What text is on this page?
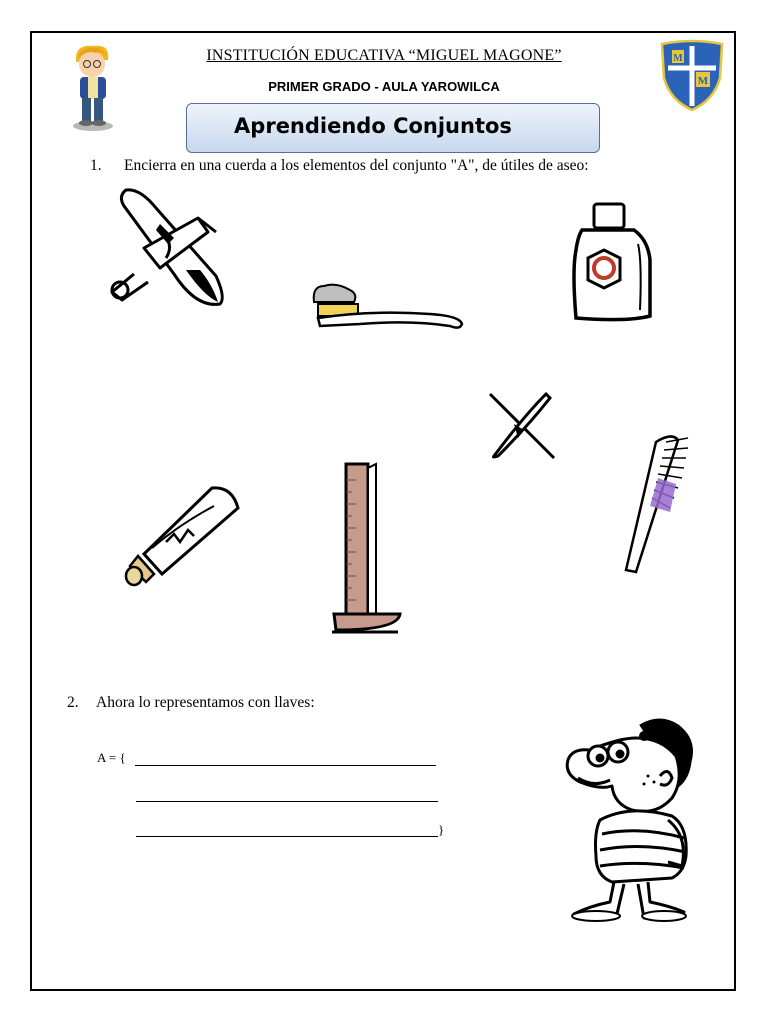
M
M
INSTITUCIÓN EDUCATIVA “MIGUEL MAGONE”
PRIMER GRADO - AULA YAROWILCA
Aprendiendo Conjuntos
1. Encierra en una cuerda a los elementos del conjunto "A", de útiles de aseo:
2. Ahora lo representamos con llaves:
A = {
}
